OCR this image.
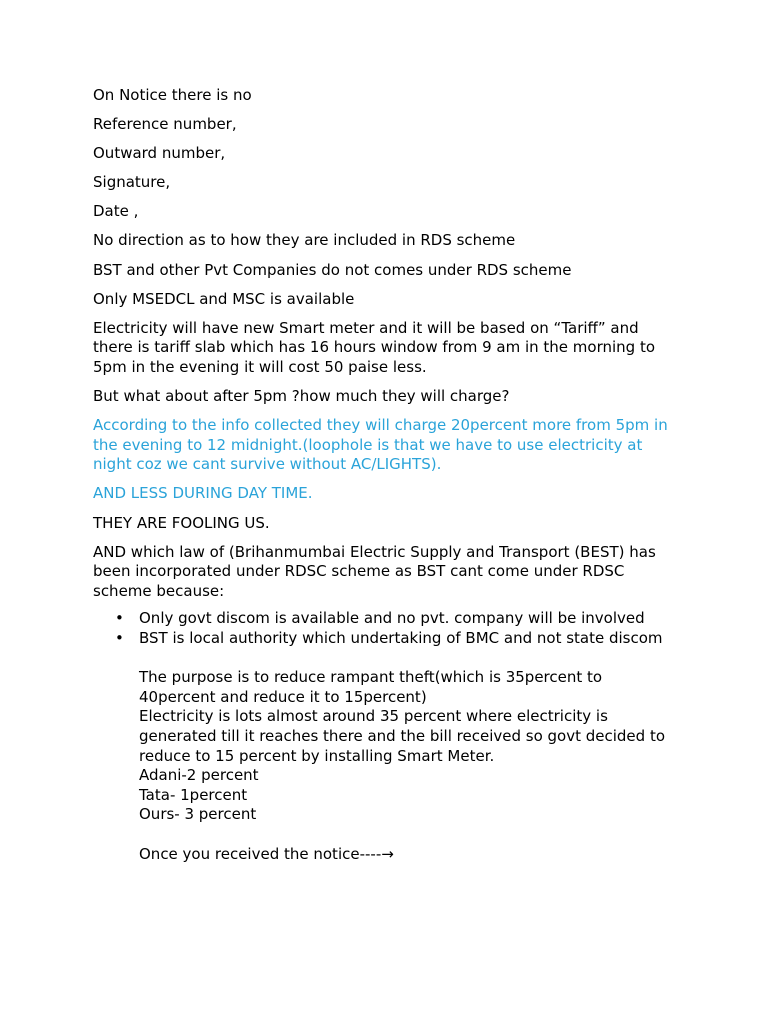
On Notice there is no

Reference number,

Outward number,

Signature,

Date ,

No direction as to how they are included in RDS scheme

BST and other Pvt Companies do not comes under RDS scheme

Only MSEDCL and MSC is available

Electricity will have new Smart meter and it will be based on “Tariff” and there is tariff slab which has 16 hours window from 9 am in the morning to 5pm in the evening it will cost 50 paise less.

But what about after 5pm ?how much they will charge?

According to the info collected they will charge 20percent more from 5pm in the evening to 12 midnight.(loophole is that we have to use electricity at night coz we cant survive without AC/LIGHTS).

AND LESS DURING DAY TIME.

THEY ARE FOOLING US.

AND which law of (Brihanmumbai Electric Supply and Transport (BEST) has been incorporated under RDSC scheme as BST cant come under RDSC scheme because:

• Only govt discom is available and no pvt. company will be involved
• BST is local authority which undertaking of BMC and not state discom
The purpose is to reduce rampant theft(which is 35percent to 40percent and reduce it to 15percent)
Electricity is lots almost around 35 percent where electricity is generated till it reaches there and the bill received so govt decided to reduce to 15 percent by installing Smart Meter.
Adani-2 percent
Tata- 1percent
Ours- 3 percent
Once you received the notice----→
